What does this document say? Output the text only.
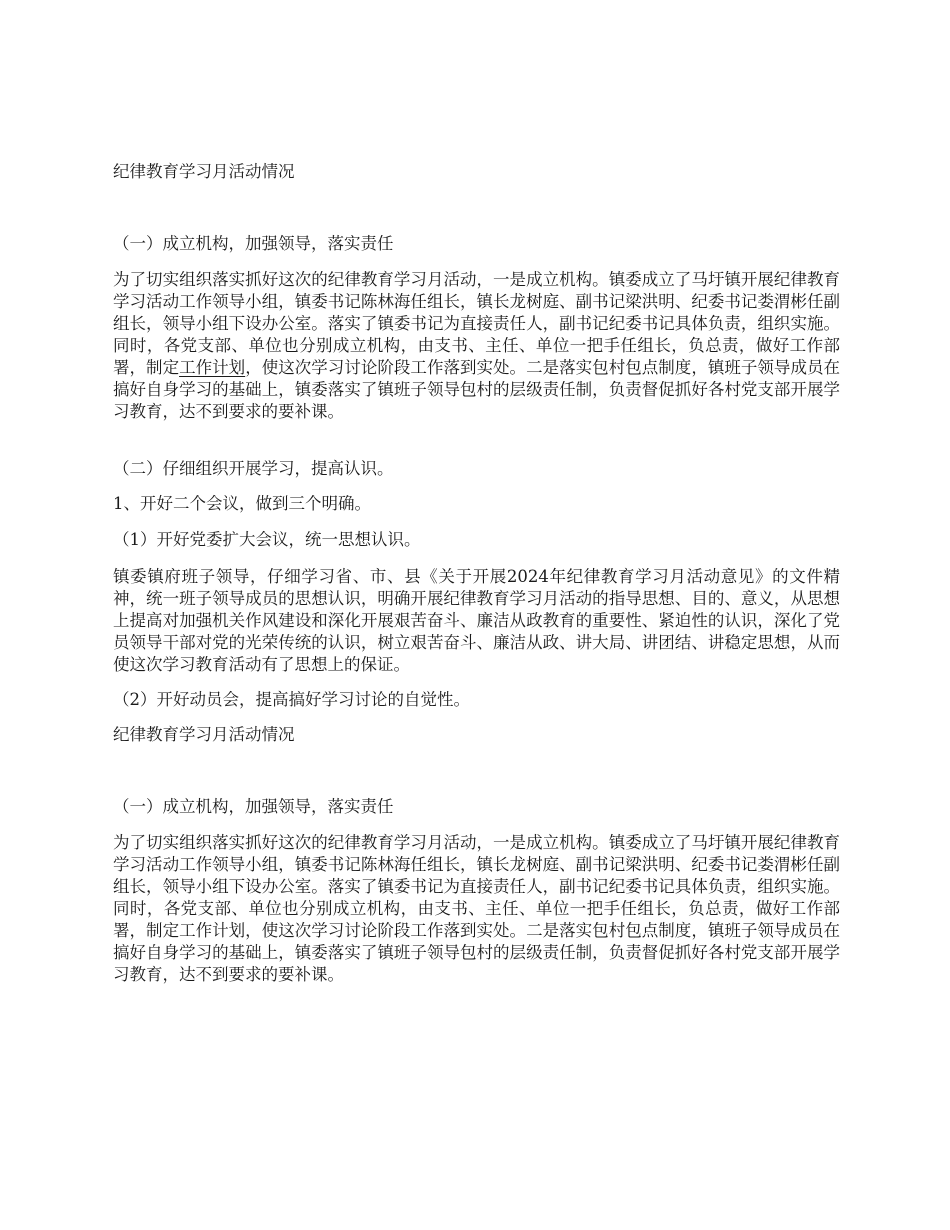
纪律教育学习月活动情况
（一）成立机构，加强领导，落实责任
为了切实组织落实抓好这次的纪律教育学习月活动，一是成立机构。镇委成立了马圩镇开展纪律教育学习活动工作领导小组，镇委书记陈林海任组长，镇长龙树庭、副书记梁洪明、纪委书记娄渭彬任副组长，领导小组下设办公室。落实了镇委书记为直接责任人，副书记纪委书记具体负责，组织实施。同时，各党支部、单位也分别成立机构，由支书、主任、单位一把手任组长，负总责，做好工作部署，制定工作计划，使这次学习讨论阶段工作落到实处。二是落实包村包点制度，镇班子领导成员在搞好自身学习的基础上，镇委落实了镇班子领导包村的层级责任制，负责督促抓好各村党支部开展学习教育，达不到要求的要补课。
（二）仔细组织开展学习，提高认识。
1、开好二个会议，做到三个明确。
（1）开好党委扩大会议，统一思想认识。
镇委镇府班子领导，仔细学习省、市、县《关于开展2024年纪律教育学习月活动意见》的文件精神，统一班子领导成员的思想认识，明确开展纪律教育学习月活动的指导思想、目的、意义，从思想上提高对加强机关作风建设和深化开展艰苦奋斗、廉洁从政教育的重要性、紧迫性的认识，深化了党员领导干部对党的光荣传统的认识，树立艰苦奋斗、廉洁从政、讲大局、讲团结、讲稳定思想，从而使这次学习教育活动有了思想上的保证。
（2）开好动员会，提高搞好学习讨论的自觉性。
纪律教育学习月活动情况
（一）成立机构，加强领导，落实责任
为了切实组织落实抓好这次的纪律教育学习月活动，一是成立机构。镇委成立了马圩镇开展纪律教育学习活动工作领导小组，镇委书记陈林海任组长，镇长龙树庭、副书记梁洪明、纪委书记娄渭彬任副组长，领导小组下设办公室。落实了镇委书记为直接责任人，副书记纪委书记具体负责，组织实施。同时，各党支部、单位也分别成立机构，由支书、主任、单位一把手任组长，负总责，做好工作部署，制定工作计划，使这次学习讨论阶段工作落到实处。二是落实包村包点制度，镇班子领导成员在搞好自身学习的基础上，镇委落实了镇班子领导包村的层级责任制，负责督促抓好各村党支部开展学习教育，达不到要求的要补课。
